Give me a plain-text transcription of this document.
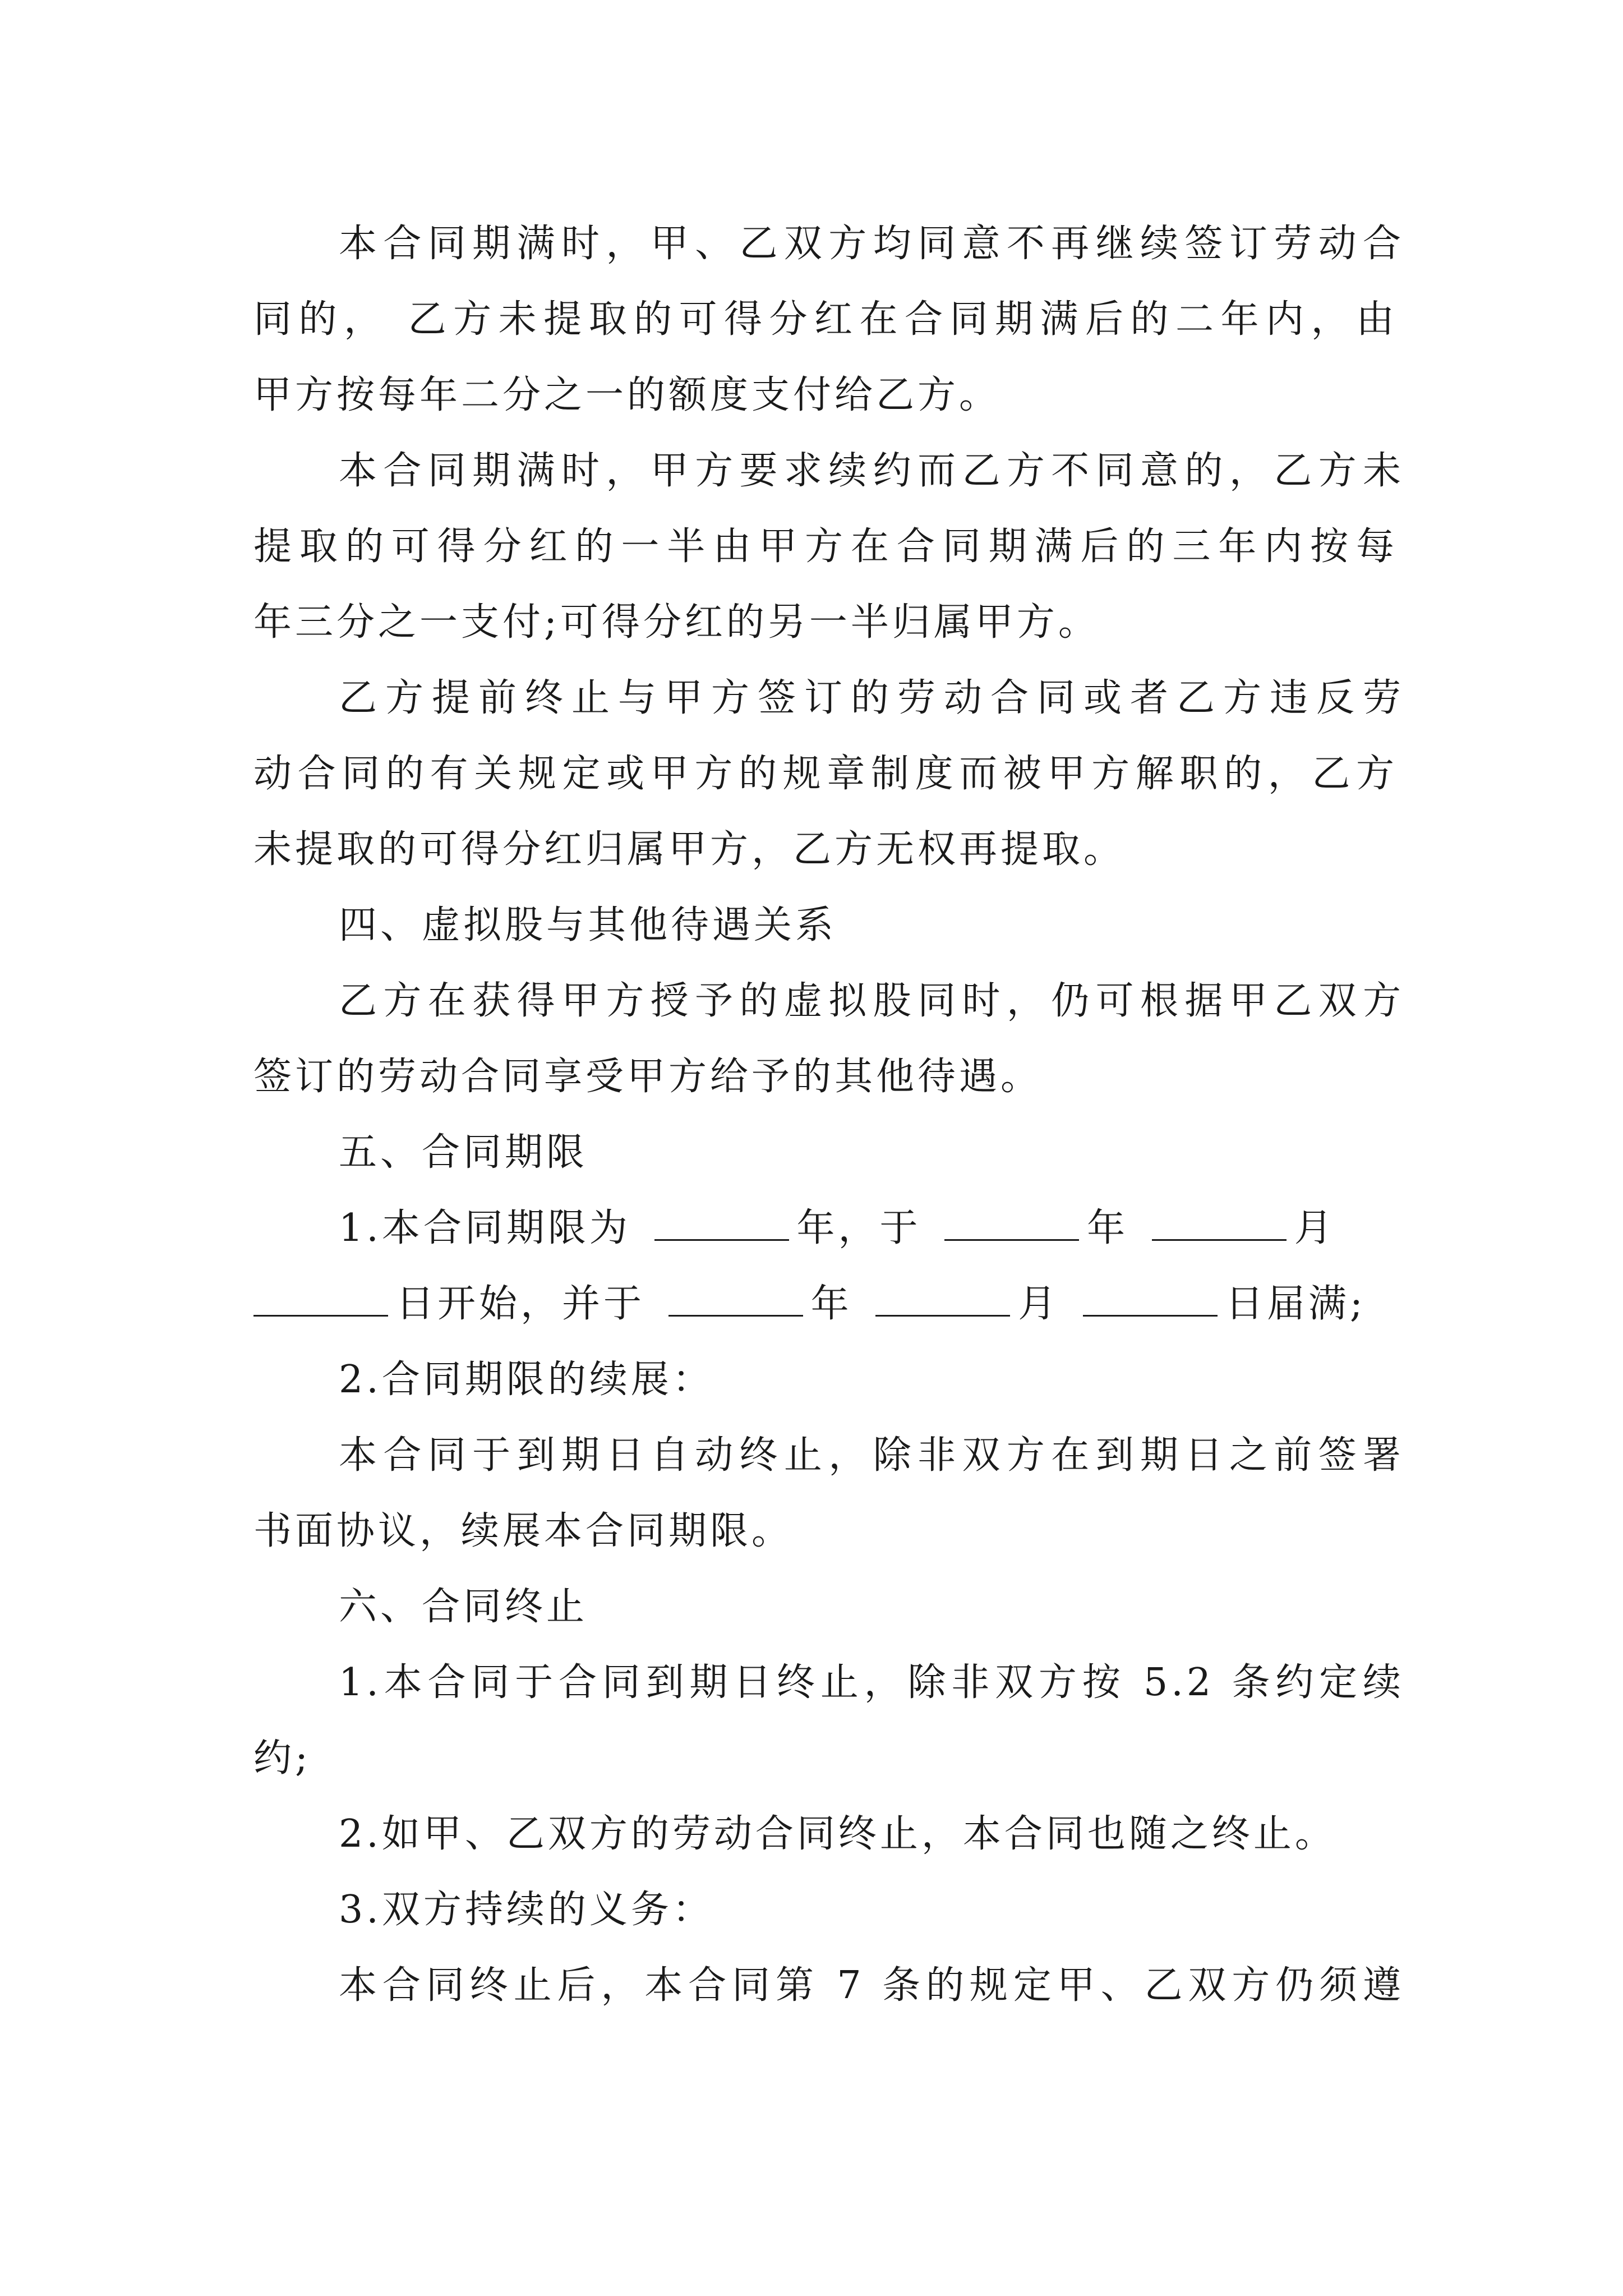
本合同期满时，甲、乙双方均同意不再继续签订劳动合
同的， 乙方未提取的可得分红在合同期满后的二年内，由
甲方按每年二分之一的额度支付给乙方。
本合同期满时，甲方要求续约而乙方不同意的，乙方未
提取的可得分红的一半由甲方在合同期满后的三年内按每
年三分之一支付;可得分红的另一半归属甲方。
乙方提前终止与甲方签订的劳动合同或者乙方违反劳
动合同的有关规定或甲方的规章制度而被甲方解职的，乙方
未提取的可得分红归属甲方，乙方无权再提取。
四、虚拟股与其他待遇关系
乙方在获得甲方授予的虚拟股同时，仍可根据甲乙双方
签订的劳动合同享受甲方给予的其他待遇。
五、合同期限
1.本合同期限为	年，于	年	月
日开始，并于	年	月	日届满;
2.合同期限的续展：
本合同于到期日自动终止，除非双方在到期日之前签署
书面协议，续展本合同期限。
六、合同终止
1.本合同于合同到期日终止，除非双方按 5.2 条约定续
约;
2.如甲、乙双方的劳动合同终止，本合同也随之终止。
3.双方持续的义务：
本合同终止后，本合同第 7 条的规定甲、乙双方仍须遵
